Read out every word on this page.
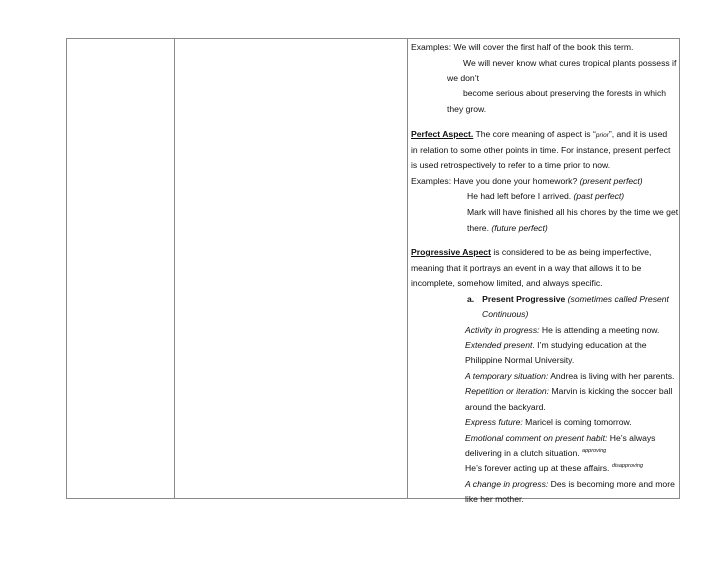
Examples: We will cover the first half of the book this term.
We will never know what cures tropical plants possess if
we don’t
become serious about preserving the forests in which
they grow.
Perfect Aspect. The core meaning of aspect is “prior”, and it is used
in relation to some other points in time. For instance, present perfect
is used retrospectively to refer to a time prior to now.
Examples: Have you done your homework? (present perfect)
He had left before I arrived. (past perfect)
Mark will have finished all his chores by the time we get
there. (future perfect)
Progressive Aspect is considered to be as being imperfective,
meaning that it portrays an event in a way that allows it to be
incomplete, somehow limited, and always specific.
a. Present Progressive (sometimes called Present
Continuous)
Activity in progress: He is attending a meeting now.
Extended present. I’m studying education at the
Philippine Normal University.
A temporary situation: Andrea is living with her parents.
Repetition or iteration: Marvin is kicking the soccer ball
around the backyard.
Express future: Maricel is coming tomorrow.
Emotional comment on present habit: He’s always
delivering in a clutch situation. $^{approving}$
He’s forever acting up at these affairs. $^{disapproving}$
A change in progress: Des is becoming more and more
like her mother.
